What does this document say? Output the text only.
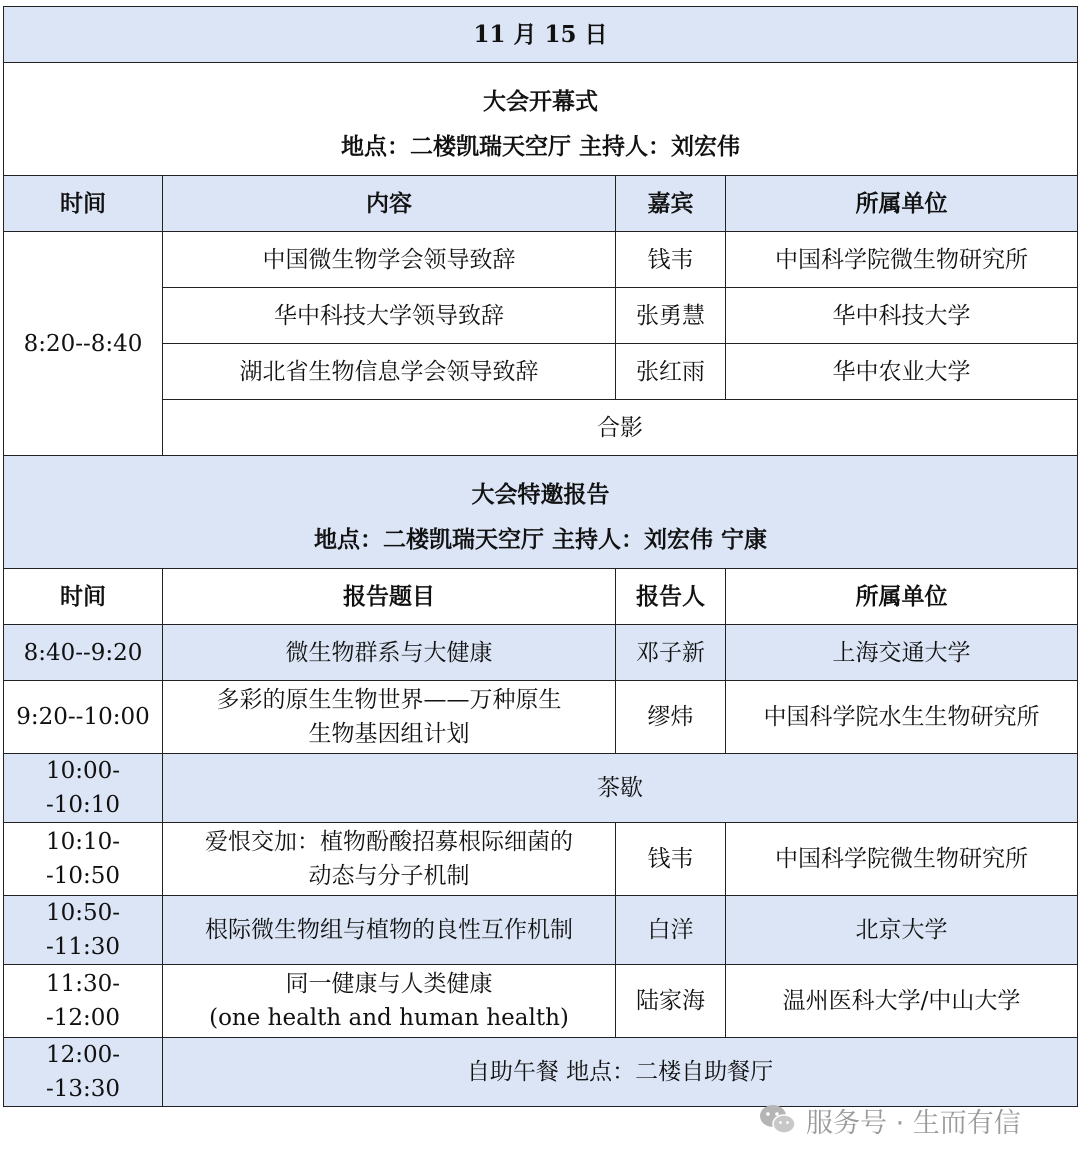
11 月 15 日			

大会开幕式
地点：二楼凯瑞天空厅 主持人：刘宏伟			

时间	内容	嘉宾	所属单位
8:20--8:40	中国微生物学会领导致辞	钱韦	中国科学院微生物研究所
	华中科技大学领导致辞	张勇慧	华中科技大学
	湖北省生物信息学会领导致辞	张红雨	华中农业大学
	合影		

大会特邀报告
地点：二楼凯瑞天空厅 主持人：刘宏伟 宁康			

时间	报告题目	报告人	所属单位
8:40--9:20	微生物群系与大健康	邓子新	上海交通大学
9:20--10:00	多彩的原生生物世界——万种原生
生物基因组计划	缪炜	中国科学院水生生物研究所
10:00--10:10	茶歇		
10:10--10:50	爱恨交加：植物酚酸招募根际细菌的
动态与分子机制	钱韦	中国科学院微生物研究所
10:50--11:30	根际微生物组与植物的良性互作机制	白洋	北京大学
11:30--12:00	同一健康与人类健康
(one health and human health)	陆家海	温州医科大学/中山大学
12:00--13:30	自助午餐 地点：二楼自助餐厅		
服务号 · 生而有信
